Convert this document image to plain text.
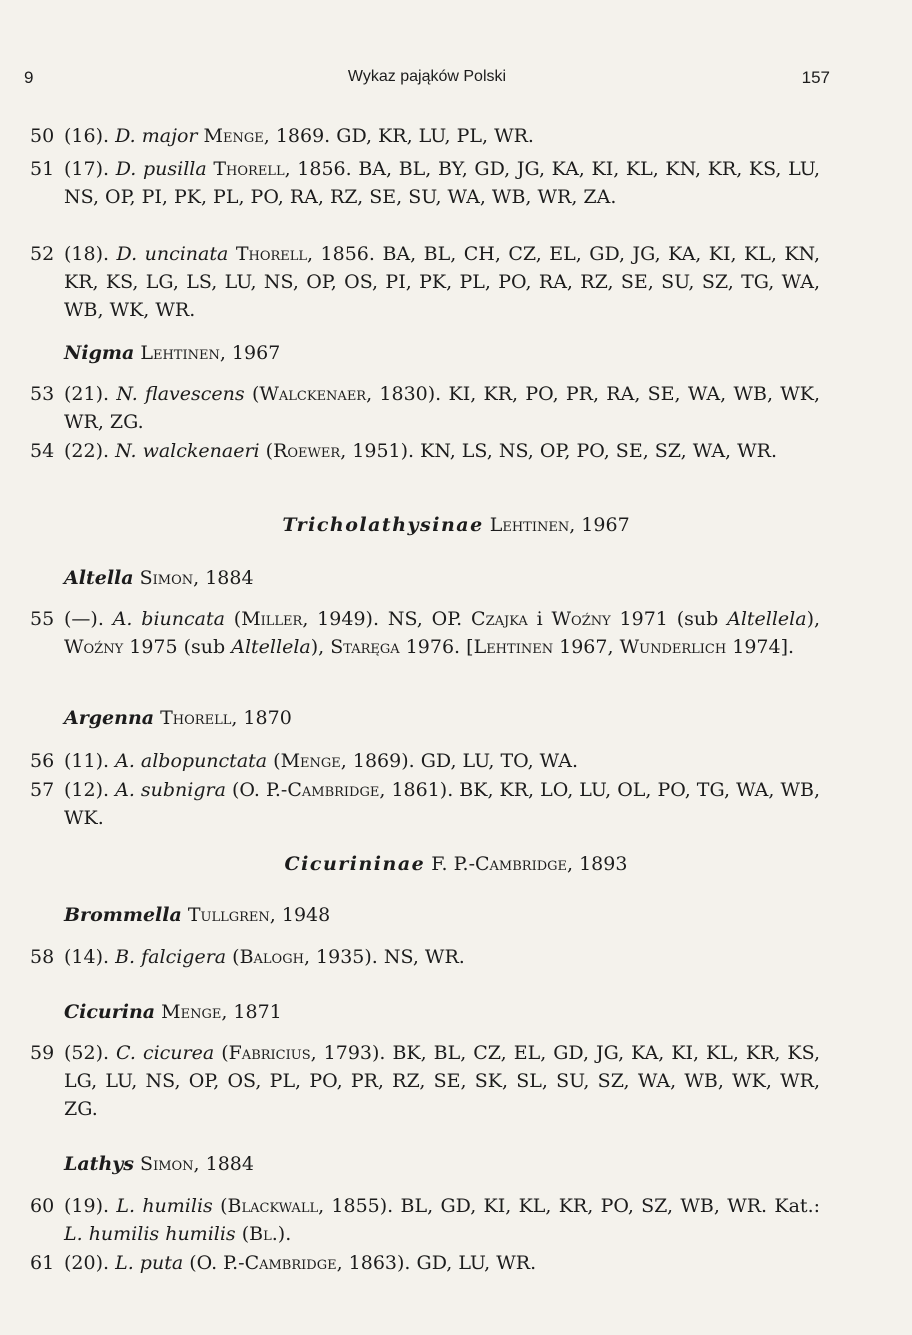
9	Wykaz pająków Polski	157
50 (16). D. major Menge, 1869. GD, KR, LU, PL, WR.
51 (17). D. pusilla Thorell, 1856. BA, BL, BY, GD, JG, KA, KI, KL, KN, KR, KS, LU, NS, OP, PI, PK, PL, PO, RA, RZ, SE, SU, WA, WB, WR, ZA.
52 (18). D. uncinata Thorell, 1856. BA, BL, CH, CZ, EL, GD, JG, KA, KI, KL, KN, KR, KS, LG, LS, LU, NS, OP, OS, PI, PK, PL, PO, RA, RZ, SE, SU, SZ, TG, WA, WB, WK, WR.
Nigma Lehtinen, 1967
53 (21). N. flavescens (Walckenaer, 1830). KI, KR, PO, PR, RA, SE, WA, WB, WK, WR, ZG.
54 (22). N. walckenaeri (Roewer, 1951). KN, LS, NS, OP, PO, SE, SZ, WA, WR.
Tricholathysinae Lehtinen, 1967
Altella Simon, 1884
55 (—). A. biuncata (Miller, 1949). NS, OP. Czajka i Woźny 1971 (sub Altellela), Woźny 1975 (sub Altellela), Staręga 1976. [Lehtinen 1967, Wunderlich 1974].
Argenna Thorell, 1870
56 (11). A. albopunctata (Menge, 1869). GD, LU, TO, WA.
57 (12). A. subnigra (O. P.-Cambridge, 1861). BK, KR, LO, LU, OL, PO, TG, WA, WB, WK.
Cicurininae F. P.-Cambridge, 1893
Brommella Tullgren, 1948
58 (14). B. falcigera (Balogh, 1935). NS, WR.
Cicurina Menge, 1871
59 (52). C. cicurea (Fabricius, 1793). BK, BL, CZ, EL, GD, JG, KA, KI, KL, KR, KS, LG, LU, NS, OP, OS, PL, PO, PR, RZ, SE, SK, SL, SU, SZ, WA, WB, WK, WR, ZG.
Lathys Simon, 1884
60 (19). L. humilis (Blackwall, 1855). BL, GD, KI, KL, KR, PO, SZ, WB, WR. Kat.: L. humilis humilis (Bl.).
61 (20). L. puta (O. P.-Cambridge, 1863). GD, LU, WR.
